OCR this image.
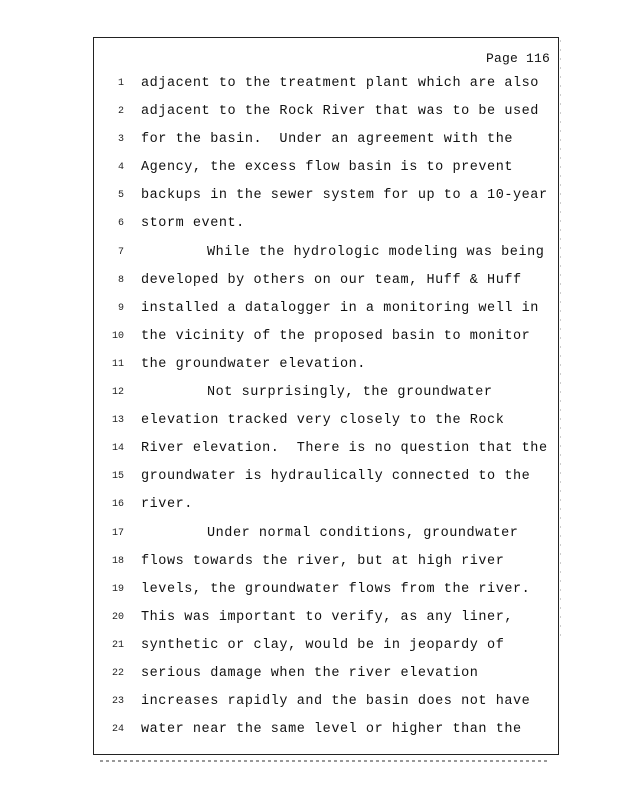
Page 116
1 adjacent to the treatment plant which are also
2 adjacent to the Rock River that was to be used
3 for the basin.  Under an agreement with the
4 Agency, the excess flow basin is to prevent
5 backups in the sewer system for up to a 10-year
6 storm event.
7	While the hydrologic modeling was being
8 developed by others on our team, Huff & Huff
9 installed a datalogger in a monitoring well in
10 the vicinity of the proposed basin to monitor
11 the groundwater elevation.
12	Not surprisingly, the groundwater
13 elevation tracked very closely to the Rock
14 River elevation.  There is no question that the
15 groundwater is hydraulically connected to the
16 river.
17	Under normal conditions, groundwater
18 flows towards the river, but at high river
19 levels, the groundwater flows from the river.
20 This was important to verify, as any liner,
21 synthetic or clay, would be in jeopardy of
22 serious damage when the river elevation
23 increases rapidly and the basin does not have
24 water near the same level or higher than the
